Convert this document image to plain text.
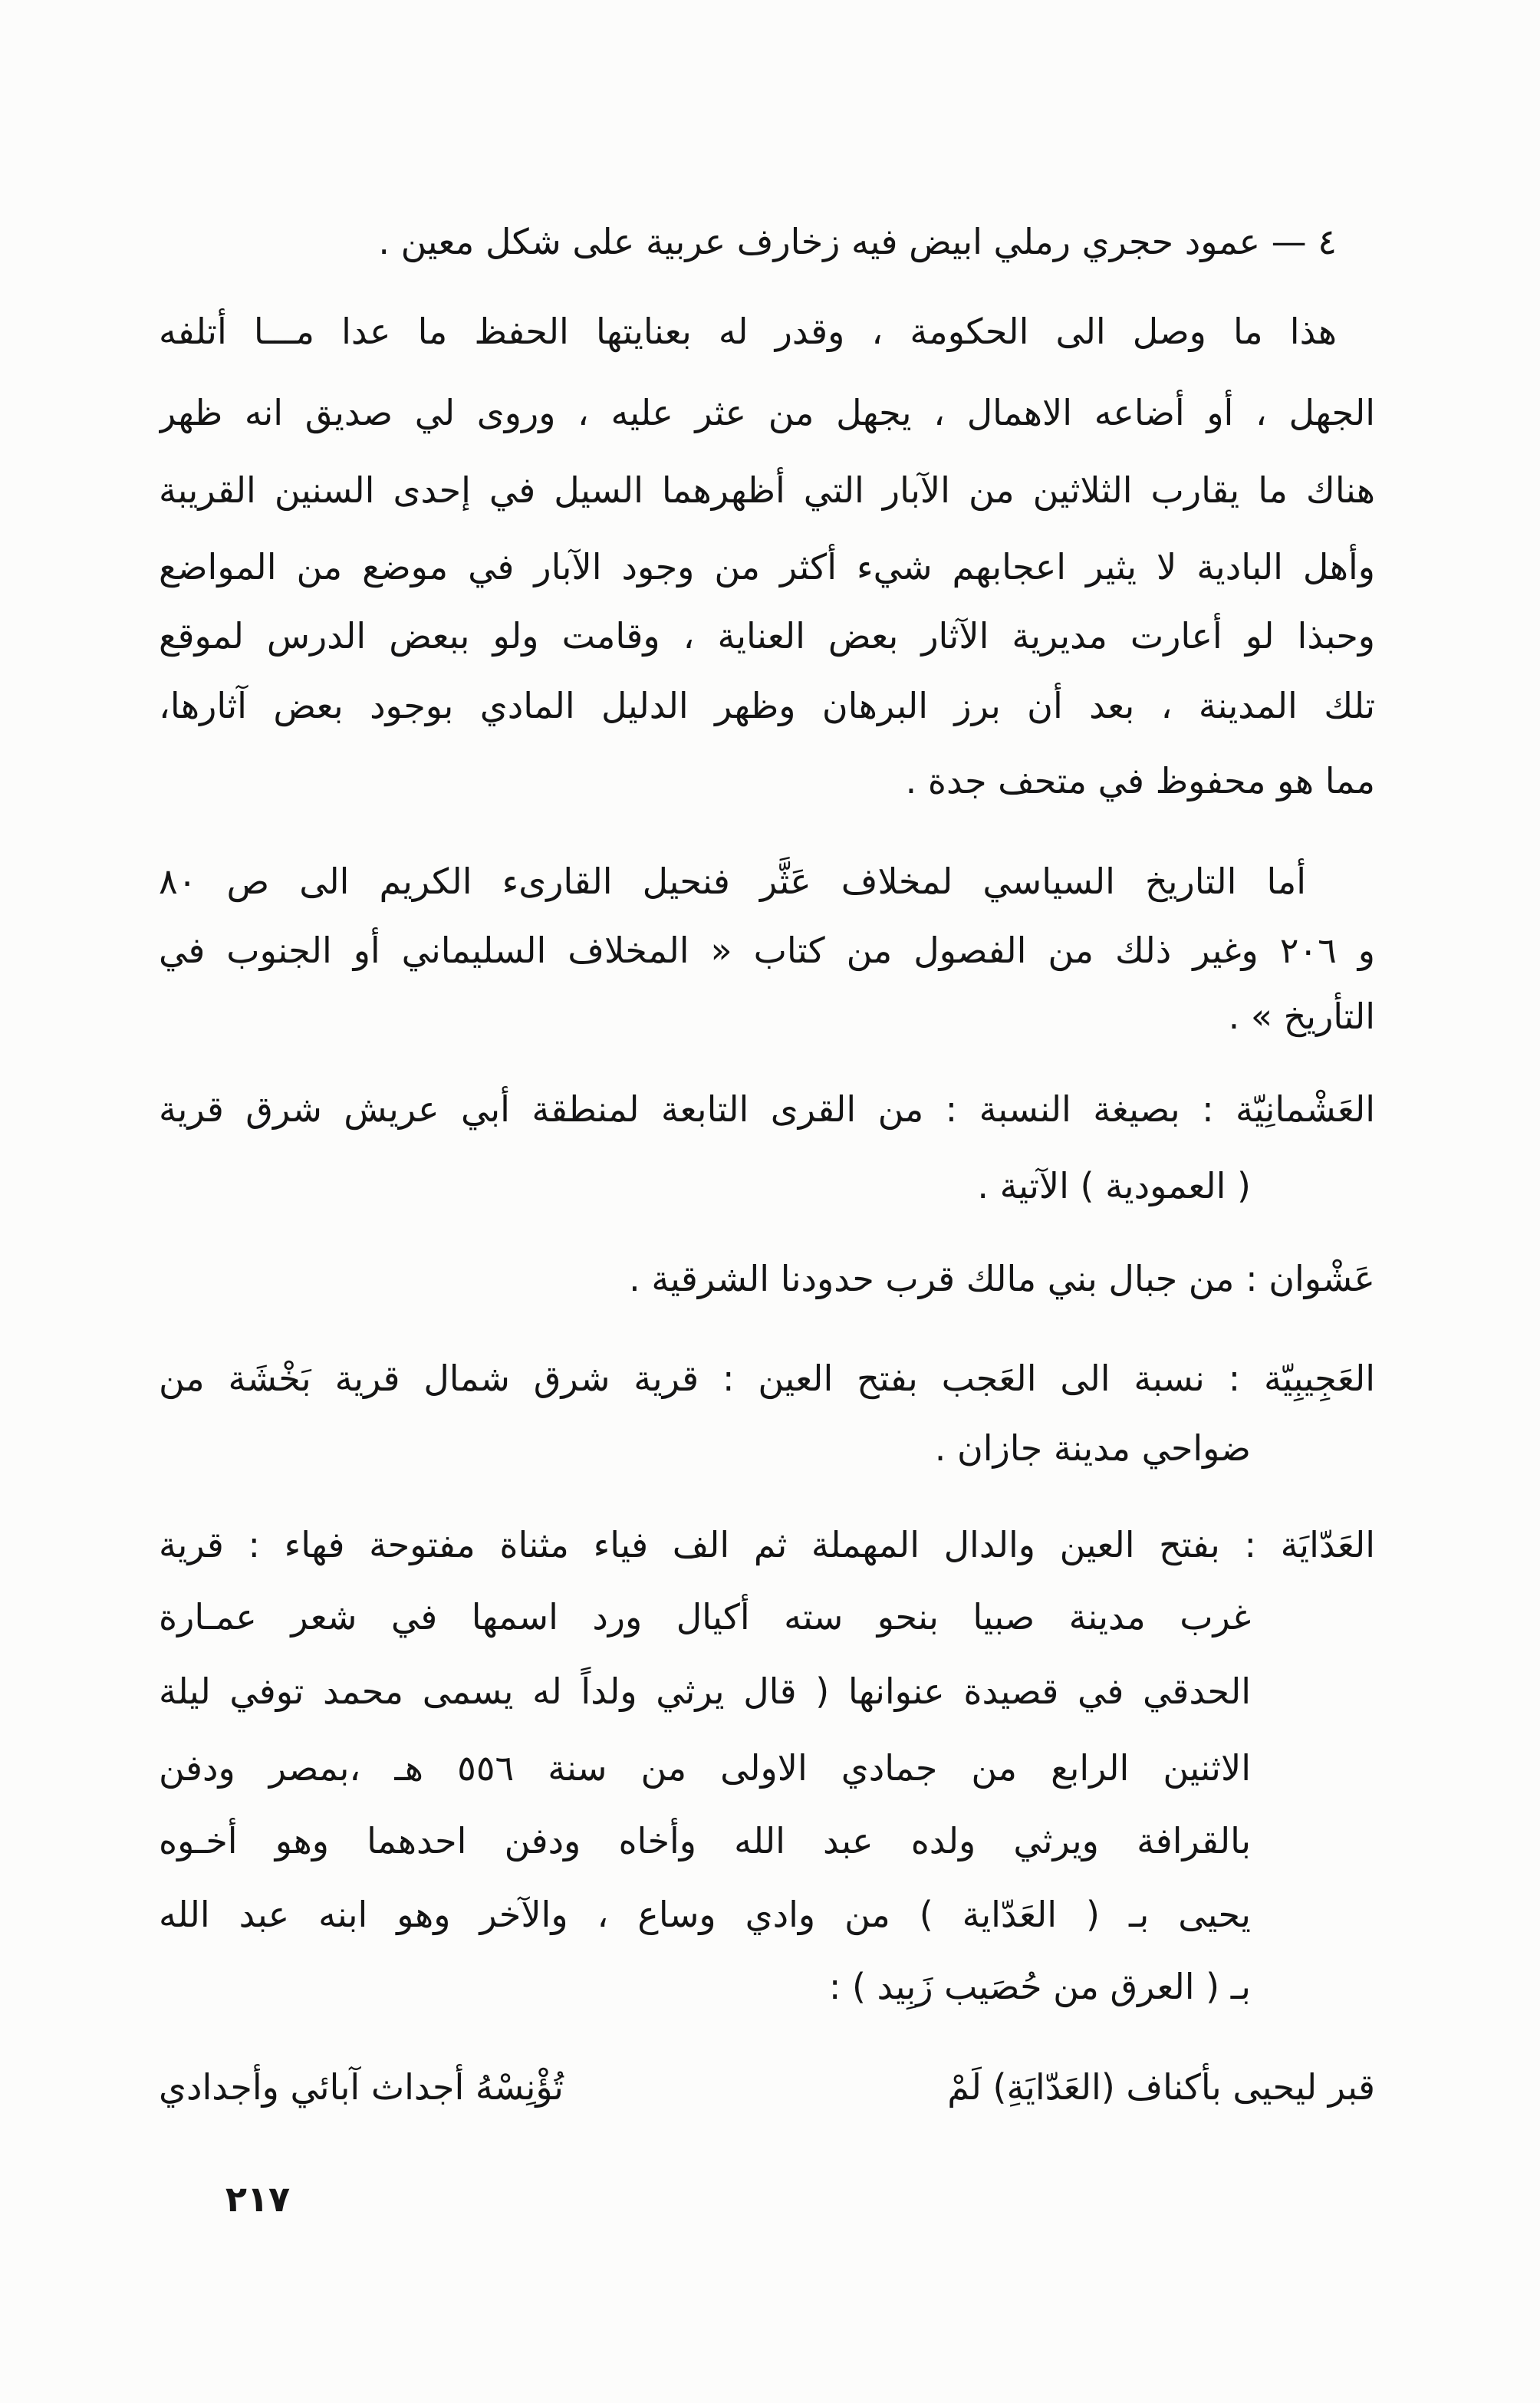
٤ — عمود حجري رملي ابيض فيه زخارف عربية على شكل معين .
هذا ما وصل الى الحكومة ، وقدر له بعنايتها الحفظ ما عدا مـــا أتلفه
الجهل ، أو أضاعه الاهمال ، يجهل من عثر عليه ، وروى لي صديق انه ظهر
هناك ما يقارب الثلاثين من الآبار التي أظهرهما السيل في إحدى السنين القريبة
وأهل البادية لا يثير اعجابهم شيء أكثر من وجود الآبار في موضع من المواضع
وحبذا لو أعارت مديرية الآثار بعض العناية ، وقامت ولو ببعض الدرس لموقع
تلك المدينة ، بعد أن برز البرهان وظهر الدليل المادي بوجود بعض آثارها،
مما هو محفوظ في متحف جدة .
أما التاريخ السياسي لمخلاف عَثَّر فنحيل القارىء الكريم الى ص ٨٠
و ٢٠٦ وغير ذلك من الفصول من كتاب « المخلاف السليماني أو الجنوب في
التأريخ » .
العَشْمانِيّة : بصيغة النسبة : من القرى التابعة لمنطقة أبي عريش شرق قرية
( العمودية ) الآتية .
عَشْوان : من جبال بني مالك قرب حدودنا الشرقية .
العَجِيبِيّة : نسبة الى العَجب بفتح العين : قرية شرق شمال قرية بَخْشَة من
ضواحي مدينة جازان .
العَدّايَة : بفتح العين والدال المهملة ثم الف فياء مثناة مفتوحة فهاء : قرية
غرب مدينة صبيا بنحو سته أكيال ورد اسمها في شعر عمـارة
الحدقي في قصيدة عنوانها ( قال يرثي ولداً له يسمى محمد توفي ليلة
الاثنين الرابع من جمادي الاولى من سنة ٥٥٦ هـ ،بمصر ودفن
بالقرافة ويرثي ولده عبد الله وأخاه ودفن احدهما وهو أخـوه
يحيى بـ ( العَدّاية ) من وادي وساع ، والآخر وهو ابنه عبد الله
بـ ( العرق من حُصَيب زَبِيد ) :
قبر ليحيى بأكناف (العَدّايَةِ) لَمْ
تُؤْنِسْهُ أجداث آبائي وأجدادي
٢١٧
